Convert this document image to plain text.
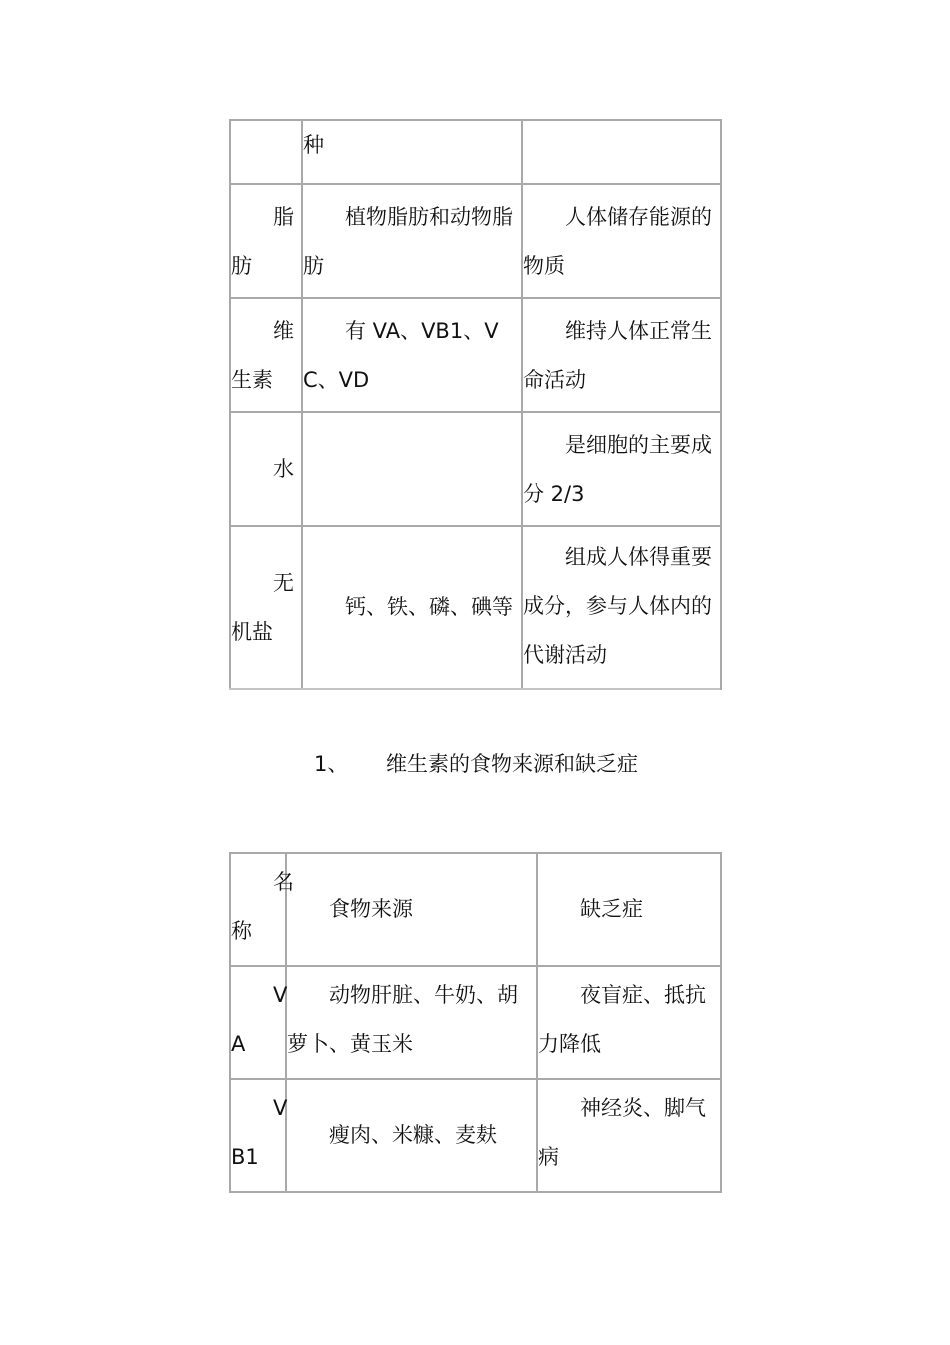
	种	
脂肪	植物脂肪和动物脂肪	人体储存能源的物质
维生素	有 VA、VB1、VC、VD	维持人体正常生命活动
水		是细胞的主要成分 2/3
无机盐	钙、铁、磷、碘等	组成人体得重要成分，参与人体内的代谢活动
1、 维生素的食物来源和缺乏症
名称	食物来源	缺乏症
VA	动物肝脏、牛奶、胡萝卜、黄玉米	夜盲症、抵抗力降低
VB1	瘦肉、米糠、麦麸	神经炎、脚气病
